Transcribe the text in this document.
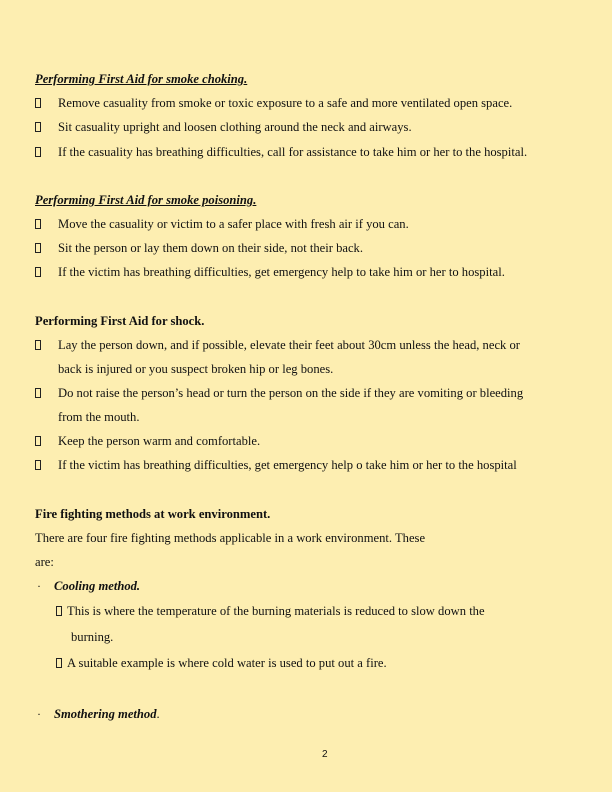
Performing First Aid for smoke choking.
Remove casuality from smoke or toxic exposure to a safe and more ventilated open space.
Sit casuality upright and loosen clothing around the neck and airways.
If the casuality has breathing difficulties, call for assistance to take him or her to the hospital.
Performing First Aid for smoke poisoning.
Move the casuality or victim to a safer place with fresh air if you can.
Sit the person or lay them down on their side, not their back.
If the victim has breathing difficulties, get emergency help to take him or her to hospital.
Performing First Aid for shock.
Lay the person down, and if possible, elevate their feet about 30cm unless the head, neck or
back is injured or you suspect broken hip or leg bones.
Do not raise the person’s head or turn the person on the side if they are vomiting or bleeding
from the mouth.
Keep the person warm and comfortable.
If the victim has breathing difficulties, get emergency help o take him or her to the hospital
Fire fighting methods at work environment.
There are four fire fighting methods applicable in a work environment. These
are:
· Cooling method.
This is where the temperature of the burning materials is reduced to slow down the
burning.
A suitable example is where cold water is used to put out a fire.
· Smothering method.
2
